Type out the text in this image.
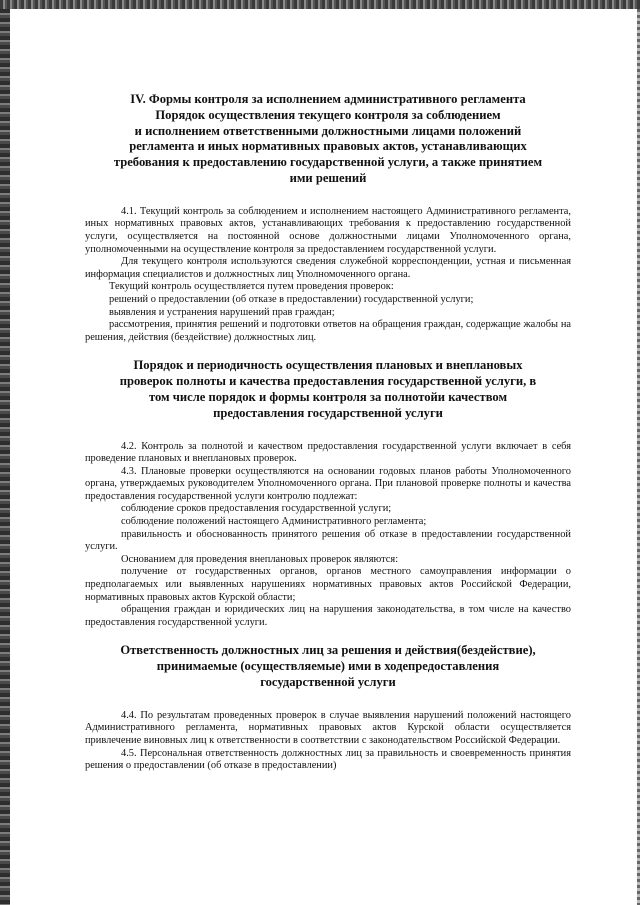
IV. Формы контроля за исполнением административного регламента
Порядок осуществления текущего контроля за соблюдением
и исполнением ответственными должностными лицами положений
регламента и иных нормативных правовых актов, устанавливающих
требования к предоставлению государственной услуги, а также принятием
ими решений

4.1. Текущий контроль за соблюдением и исполнением настоящего Административного регламента, иных нормативных правовых актов, устанавливающих требования к предоставлению государственной услуги, осуществляется на постоянной основе должностными лицами Уполномоченного органа, уполномоченными на осуществление контроля за предоставлением государственной услуги.

Для текущего контроля используются сведения служебной корреспонденции, устная и письменная информация специалистов и должностных лиц Уполномоченного органа.

Текущий контроль осуществляется путем проведения проверок:

решений о предоставлении (об отказе в предоставлении) государственной услуги;

выявления и устранения нарушений прав граждан;

рассмотрения, принятия решений и подготовки ответов на обращения граждан, содержащие жалобы на решения, действия (бездействие) должностных лиц.

Порядок и периодичность осуществления плановых и внеплановых
проверок полноты и качества предоставления государственной услуги, в
том числе порядок и формы контроля за полнотойи качеством
предоставления государственной услуги

4.2. Контроль за полнотой и качеством предоставления государственной услуги включает в себя проведение плановых и внеплановых проверок.

4.3. Плановые проверки осуществляются на основании годовых планов работы Уполномоченного органа, утверждаемых руководителем Уполномоченного органа. При плановой проверке полноты и качества предоставления государственной услуги контролю подлежат:

соблюдение сроков предоставления государственной услуги;

соблюдение положений настоящего Административного регламента;

правильность и обоснованность принятого решения об отказе в предоставлении государственной услуги.

Основанием для проведения внеплановых проверок являются:

получение от государственных органов, органов местного самоуправления информации о предполагаемых или выявленных нарушениях нормативных правовых актов Российской Федерации, нормативных правовых актов Курской области;

обращения граждан и юридических лиц на нарушения законодательства, в том числе на качество предоставления государственной услуги.

Ответственность должностных лиц за решения и действия(бездействие),
принимаемые (осуществляемые) ими в ходепредоставления
государственной услуги

4.4. По результатам проведенных проверок в случае выявления нарушений положений настоящего Административного регламента, нормативных правовых актов Курской области осуществляется привлечение виновных лиц к ответственности в соответствии с законодательством Российской Федерации.

4.5. Персональная ответственность должностных лиц за правильность и своевременность принятия решения о предоставлении (об отказе в предоставлении)
